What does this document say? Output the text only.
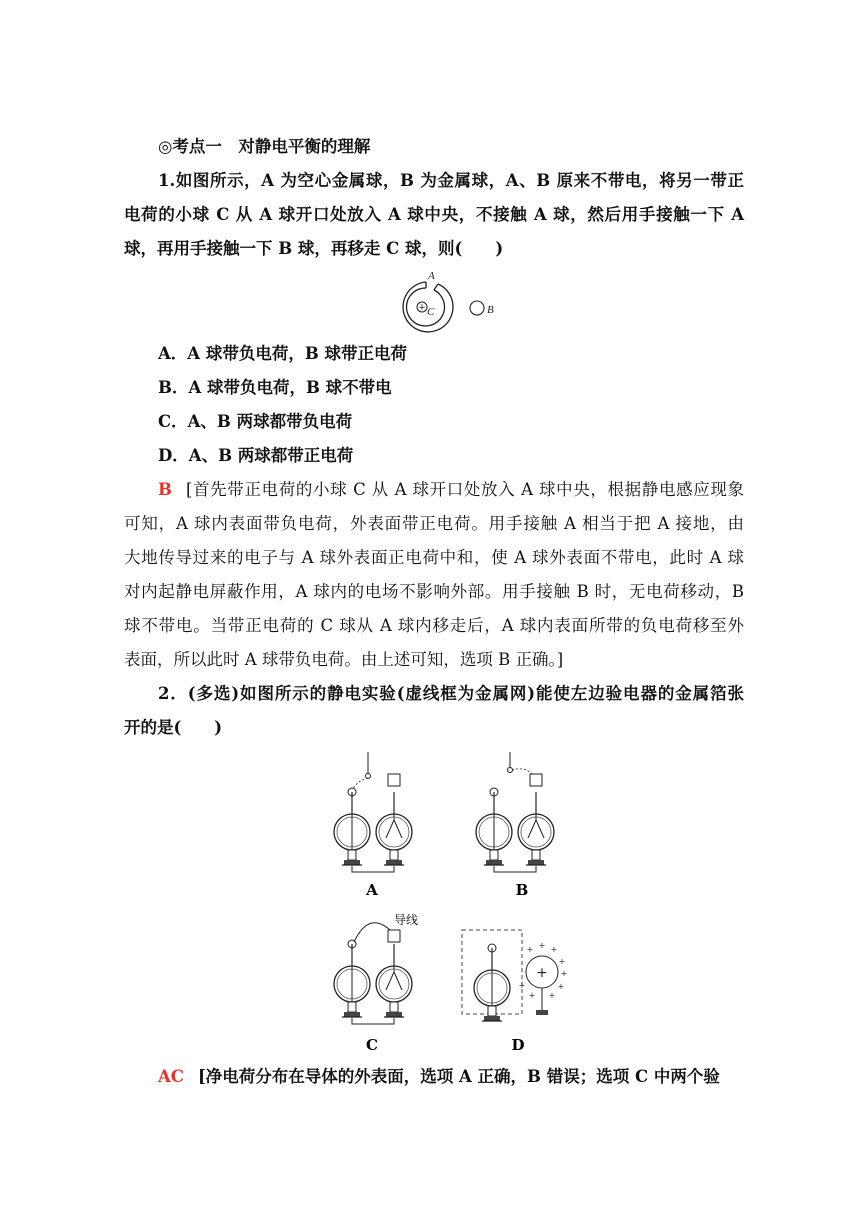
◎考点一　对静电平衡的理解
1.如图所示，A 为空心金属球，B 为金属球，A、B 原来不带电，将另一带正
电荷的小球 C 从 A 球开口处放入 A 球中央，不接触 A 球，然后用手接触一下 A
球，再用手接触一下 B 球，再移走 C 球，则(　　)
+ C
A
B
A．A 球带负电荷，B 球带正电荷
B．A 球带负电荷，B 球不带电
C．A、B 两球都带负电荷
D．A、B 两球都带正电荷
B [首先带正电荷的小球 C 从 A 球开口处放入 A 球中央，根据静电感应现象
可知，A 球内表面带负电荷，外表面带正电荷。用手接触 A 相当于把 A 接地，由
大地传导过来的电子与 A 球外表面正电荷中和，使 A 球外表面不带电，此时 A 球
对内起静电屏蔽作用，A 球内的电场不影响外部。用手接触 B 时，无电荷移动，B
球不带电。当带正电荷的 C 球从 A 球内移走后，A 球内表面所带的负电荷移至外
表面，所以此时 A 球带负电荷。由上述可知，选项 B 正确。]
2．(多选)如图所示的静电实验(虚线框为金属网)能使左边验电器的金属箔张
开的是(　　)
A	B
导线
C
+
+ + +
+
+
+
+
+
+
D
AC [净电荷分布在导体的外表面，选项 A 正确，B 错误；选项 C 中两个验
